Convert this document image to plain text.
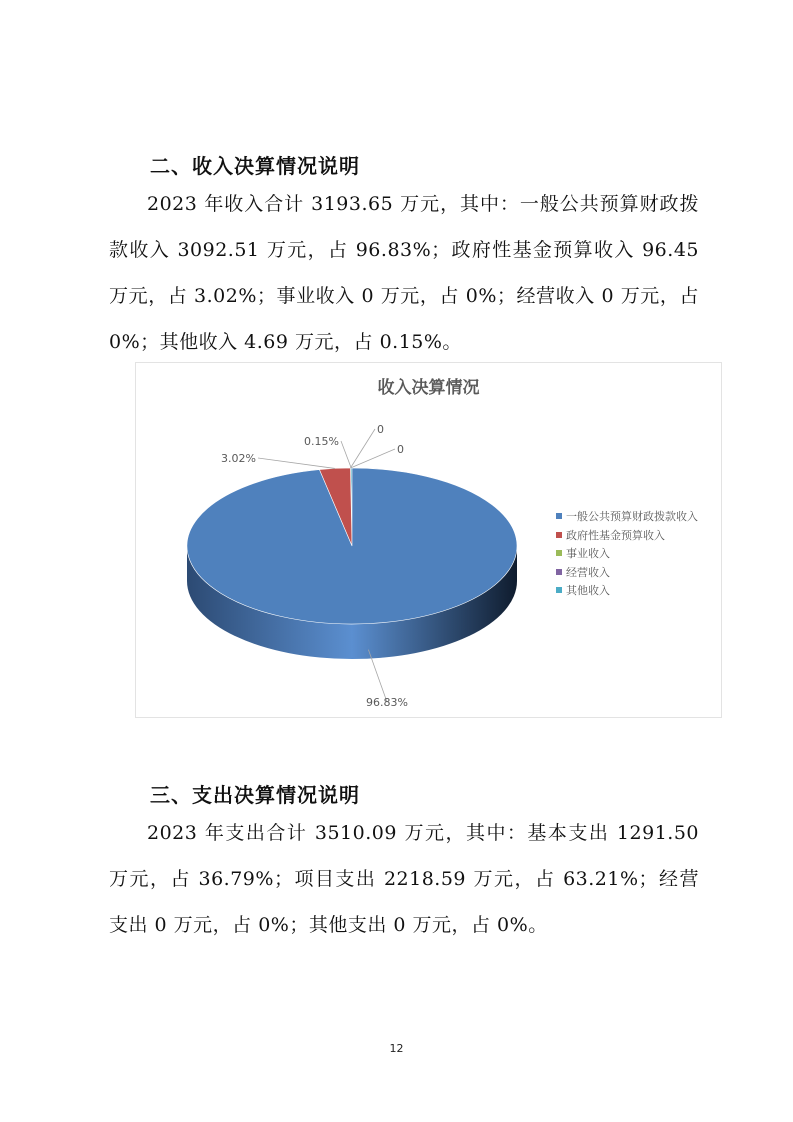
二、收入决算情况说明
2023 年收入合计 3193.65 万元，其中：一般公共预算财政拨款收入 3092.51 万元，占 96.83%；政府性基金预算收入 96.45 万元，占 3.02%；事业收入 0 万元，占 0%；经营收入 0 万元，占 0%；其他收入 4.69 万元，占 0.15%。
收入决算情况
96.83%
3.02%
0
0
0.15%
一般公共预算财政拨款收入
政府性基金预算收入
事业收入
经营收入
其他收入
三、支出决算情况说明
2023 年支出合计 3510.09 万元，其中：基本支出 1291.50 万元，占 36.79%；项目支出 2218.59 万元，占 63.21%；经营支出 0 万元，占 0%；其他支出 0 万元，占 0%。
12
